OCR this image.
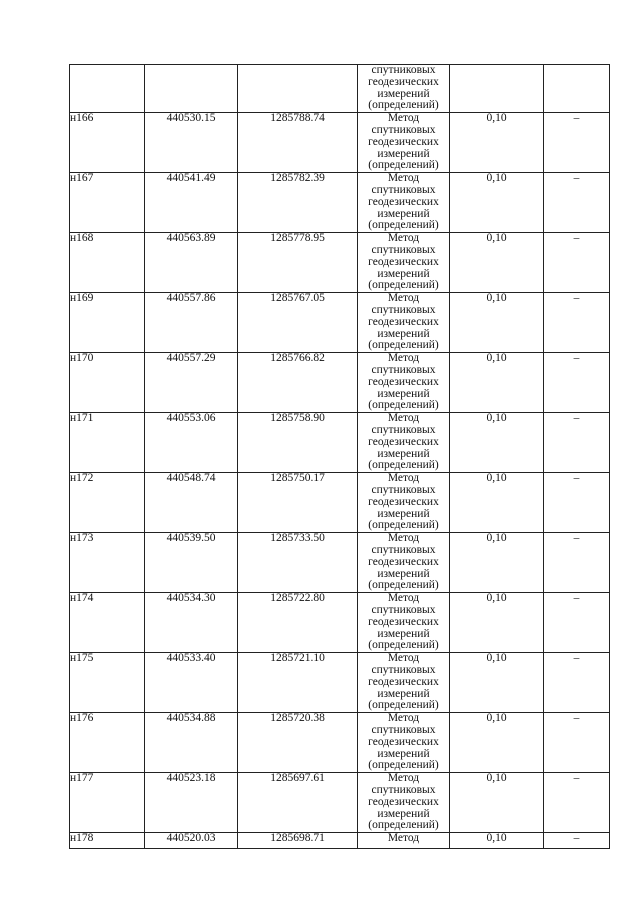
			спутниковых
геодезических
измерений
(определений)		

н166	440530.15	1285788.74	Метод
спутниковых
геодезических
измерений
(определений)	0,10	–
н167	440541.49	1285782.39	Метод
спутниковых
геодезических
измерений
(определений)	0,10	–
н168	440563.89	1285778.95	Метод
спутниковых
геодезических
измерений
(определений)	0,10	–
н169	440557.86	1285767.05	Метод
спутниковых
геодезических
измерений
(определений)	0,10	–
н170	440557.29	1285766.82	Метод
спутниковых
геодезических
измерений
(определений)	0,10	–
н171	440553.06	1285758.90	Метод
спутниковых
геодезических
измерений
(определений)	0,10	–
н172	440548.74	1285750.17	Метод
спутниковых
геодезических
измерений
(определений)	0,10	–
н173	440539.50	1285733.50	Метод
спутниковых
геодезических
измерений
(определений)	0,10	–
н174	440534.30	1285722.80	Метод
спутниковых
геодезических
измерений
(определений)	0,10	–
н175	440533.40	1285721.10	Метод
спутниковых
геодезических
измерений
(определений)	0,10	–
н176	440534.88	1285720.38	Метод
спутниковых
геодезических
измерений
(определений)	0,10	–
н177	440523.18	1285697.61	Метод
спутниковых
геодезических
измерений
(определений)	0,10	–
н178	440520.03	1285698.71	Метод	0,10	–
